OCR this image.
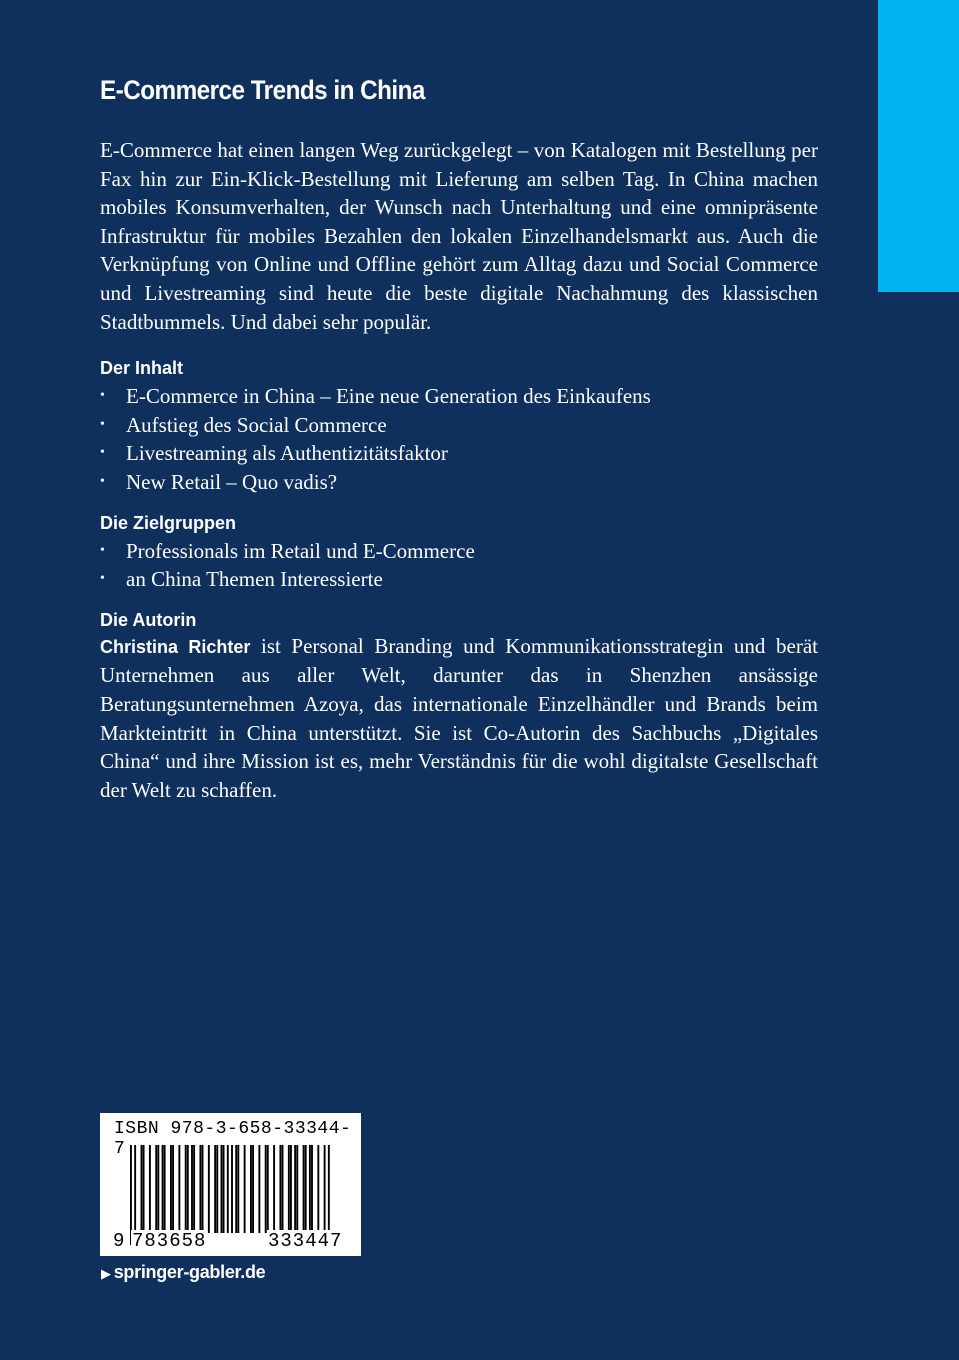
E-Commerce Trends in China

E-Commerce hat einen langen Weg zurückgelegt – von Katalogen mit Bestellung per Fax hin zur Ein-Klick-Bestellung mit Lieferung am selben Tag. In China machen mobiles Konsumverhalten, der Wunsch nach Unterhaltung und eine omnipräsente Infrastruktur für mobiles Bezahlen den lokalen Einzelhandelsmarkt aus. Auch die Verknüpfung von Online und Offline gehört zum Alltag dazu und Social Commerce und Livestreaming sind heute die beste digitale Nachahmung des klassischen Stadtbummels. Und dabei sehr populär.

Der Inhalt
• E-Commerce in China – Eine neue Generation des Einkaufens
• Aufstieg des Social Commerce
• Livestreaming als Authentizitätsfaktor
• New Retail – Quo vadis?
Die Zielgruppen
• Professionals im Retail und E-Commerce
• an China Themen Interessierte
Die Autorin

Christina Richter ist Personal Branding und Kommunikationsstrategin und berät Unternehmen aus aller Welt, darunter das in Shenzhen ansässige Beratungsunternehmen Azoya, das internationale Einzelhändler und Brands beim Markteintritt in China unterstützt. Sie ist Co-Autorin des Sachbuchs „Digitales China“ und ihre Mission ist es, mehr Verständnis für die wohl digitalste Gesellschaft der Welt zu schaffen.

ISBN 978-3-658-33344-7
9 783658	333447
▶ springer-gabler.de
